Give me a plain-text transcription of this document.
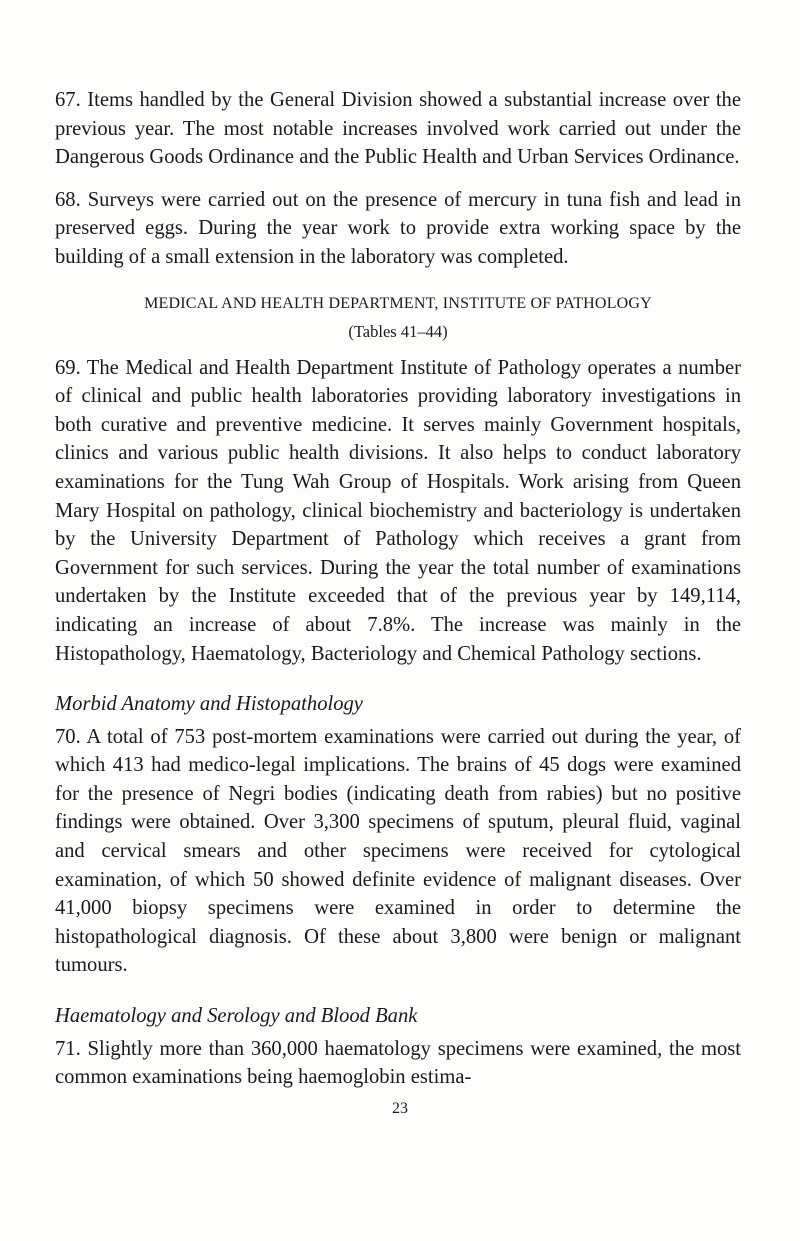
67. Items handled by the General Division showed a substantial increase over the previous year. The most notable increases involved work carried out under the Dangerous Goods Ordinance and the Public Health and Urban Services Ordinance.

68. Surveys were carried out on the presence of mercury in tuna fish and lead in preserved eggs. During the year work to provide extra working space by the building of a small extension in the laboratory was completed.

MEDICAL AND HEALTH DEPARTMENT, INSTITUTE OF PATHOLOGY
(Tables 41–44)

69. The Medical and Health Department Institute of Pathology operates a number of clinical and public health laboratories providing laboratory investigations in both curative and preventive medicine. It serves mainly Government hospitals, clinics and various public health divisions. It also helps to conduct laboratory examinations for the Tung Wah Group of Hospitals. Work arising from Queen Mary Hospital on pathology, clinical biochemistry and bacteriology is undertaken by the University Department of Pathology which receives a grant from Government for such services. During the year the total number of examinations undertaken by the Institute exceeded that of the previous year by 149,114, indicating an increase of about 7.8%. The increase was mainly in the Histopathology, Haematology, Bacteriology and Chemical Pathology sections.

Morbid Anatomy and Histopathology

70. A total of 753 post-mortem examinations were carried out during the year, of which 413 had medico-legal implications. The brains of 45 dogs were examined for the presence of Negri bodies (indicating death from rabies) but no positive findings were obtained. Over 3,300 specimens of sputum, pleural fluid, vaginal and cervical smears and other specimens were received for cytological examination, of which 50 showed definite evidence of malignant diseases. Over 41,000 biopsy specimens were examined in order to determine the histopathological diagnosis. Of these about 3,800 were benign or malignant tumours.

Haematology and Serology and Blood Bank

71. Slightly more than 360,000 haematology specimens were examined, the most common examinations being haemoglobin estima-

23
